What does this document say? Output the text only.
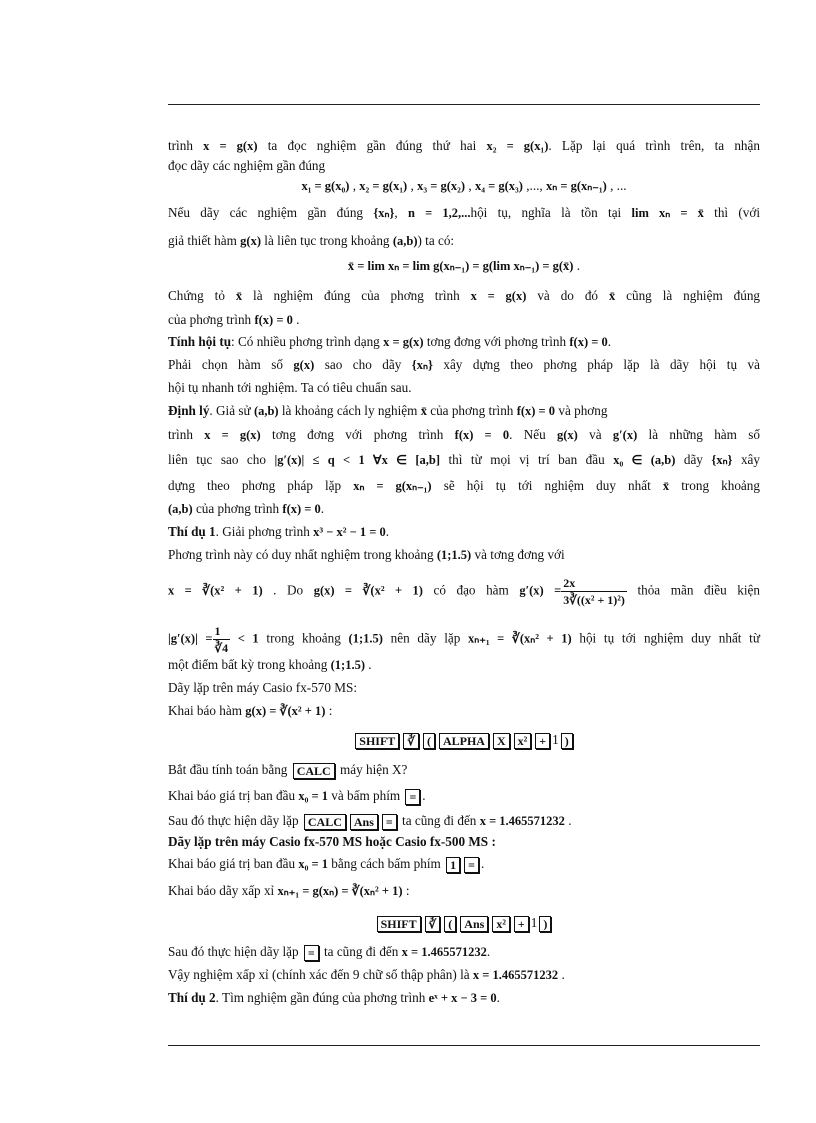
trình x = g(x) ta đọc nghiệm gần đúng thứ hai x₂ = g(x₁). Lặp lại quá trình trên, ta nhận
đọc dãy các nghiệm gần đúng
x₁ = g(x₀) , x₂ = g(x₁) , x₃ = g(x₂) , x₄ = g(x₃) ,..., xₙ = g(xₙ₋₁) , ...
Nếu dãy các nghiệm gần đúng {xₙ}, n = 1,2,...hội tụ, nghĩa là tồn tại lim xₙ = x̄ thì (với
giả thiết hàm g(x) là liên tục trong khoảng (a,b)) ta có:
x̄ = lim xₙ = lim g(xₙ₋₁) = g(lim xₙ₋₁) = g(x̄) .
Chứng tỏ x̄ là nghiệm đúng của phơng trình x = g(x) và do đó x̄ cũng là nghiệm đúng
của phơng trình f(x) = 0 .
Tính hội tụ: Có nhiều phơng trình dạng x = g(x) tơng đơng với phơng trình f(x) = 0.
Phải chọn hàm số g(x) sao cho dãy {xₙ} xây dựng theo phơng pháp lặp là dãy hội tụ và
hội tụ nhanh tới nghiệm. Ta có tiêu chuẩn sau.
Định lý. Giả sử (a,b) là khoảng cách ly nghiệm x̄ của phơng trình f(x) = 0 và phơng
trình x = g(x) tơng đơng với phơng trình f(x) = 0. Nếu g(x) và g′(x) là những hàm số
liên tục sao cho |g′(x)| ≤ q < 1 ∀x ∈ [a,b] thì từ mọi vị trí ban đầu x₀ ∈ (a,b) dãy {xₙ} xây
dựng theo phơng pháp lặp xₙ = g(xₙ₋₁) sẽ hội tụ tới nghiệm duy nhất x̄ trong khoảng
(a,b) của phơng trình f(x) = 0.
Thí dụ 1. Giải phơng trình x³ − x² − 1 = 0.
Phơng trình này có duy nhất nghiệm trong khoảng (1;1.5) và tơng đơng với
x = ∛(x² + 1) . Do g(x) = ∛(x² + 1) có đạo hàm $g'(x) = \frac{2x}{\text{3∛((x² + 1)²)}}$ thỏa mãn điều kiện
$|g'(x)| = \frac{1}{∛4} < 1$ trong khoảng (1;1.5) nên dãy lặp xₙ₊₁ = ∛(xₙ² + 1) hội tụ tới nghiệm duy nhất từ
một điểm bất kỳ trong khoảng (1;1.5) .
Dãy lặp trên máy Casio fx-570 MS:
Khai báo hàm g(x) = ∛(x² + 1) :
SHIFT ∛ ( ALPHA X x² + 1 )
Bắt đầu tính toán bằng CALC máy hiện X?
Khai báo giá trị ban đầu x₀ = 1 và bấm phím = .
Sau đó thực hiện dãy lặp CALC Ans = ta cũng đi đến x = 1.465571232 .
Dãy lặp trên máy Casio fx-570 MS hoặc Casio fx-500 MS :
Khai báo giá trị ban đầu x₀ = 1 bằng cách bấm phím 1 = .
Khai báo dãy xấp xỉ xₙ₊₁ = g(xₙ) = ∛(xₙ² + 1) :
SHIFT ∛ ( Ans x² + 1 )
Sau đó thực hiện dãy lặp = ta cũng đi đến x = 1.465571232.
Vậy nghiệm xấp xỉ (chính xác đến 9 chữ số thập phân) là x = 1.465571232 .
Thí dụ 2. Tìm nghiệm gần đúng của phơng trình eˣ + x − 3 = 0.
